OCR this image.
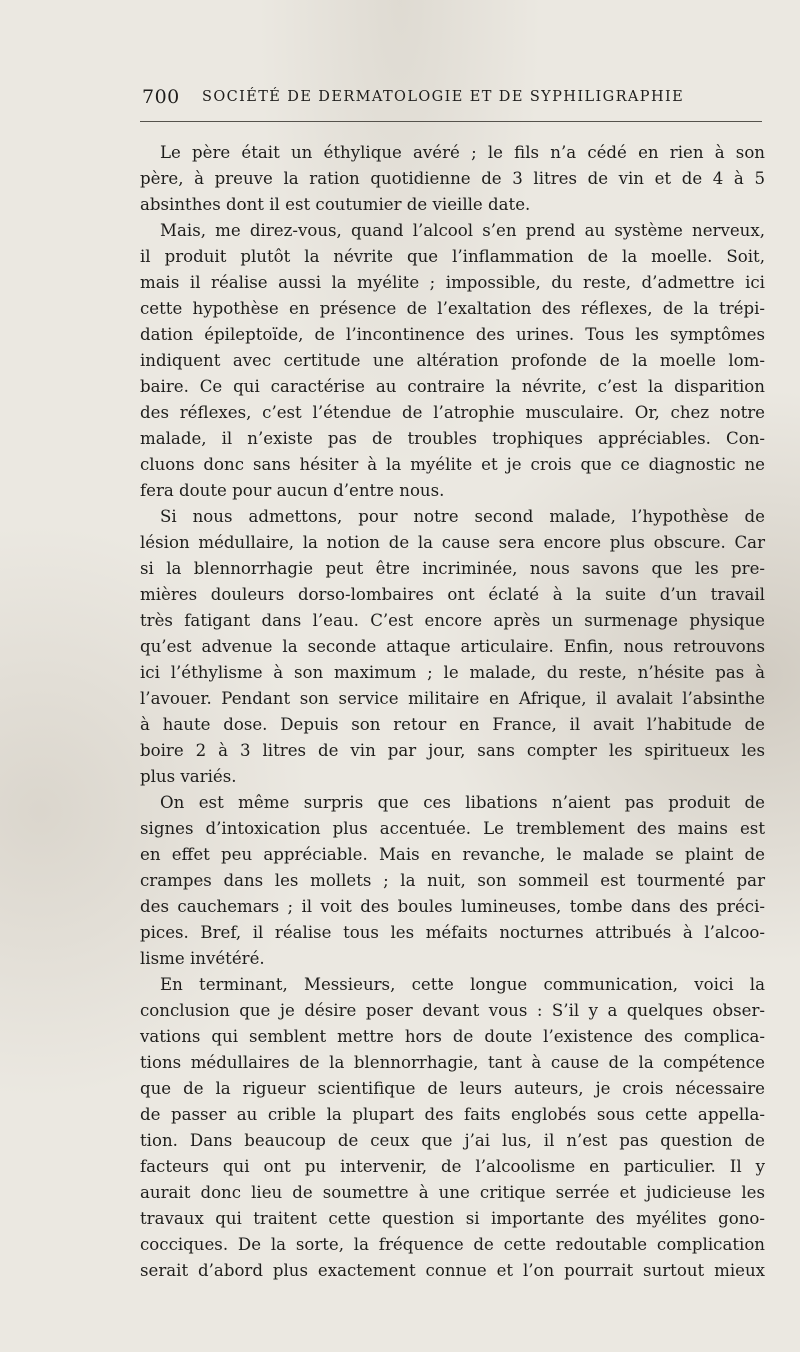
700 SOCIÉTÉ DE DERMATOLOGIE ET DE SYPHILIGRAPHIE
Le père était un éthylique avéré ; le fils n’a cédé en rien à son
père, à preuve la ration quotidienne de 3 litres de vin et de 4 à 5
absinthes dont il est coutumier de vieille date.
Mais, me direz-vous, quand l’alcool s’en prend au système nerveux,
il produit plutôt la névrite que l’inflammation de la moelle. Soit,
mais il réalise aussi la myélite ; impossible, du reste, d’admettre ici
cette hypothèse en présence de l’exaltation des réflexes, de la trépi-
dation épileptoïde, de l’incontinence des urines. Tous les symptômes
indiquent avec certitude une altération profonde de la moelle lom-
baire. Ce qui caractérise au contraire la névrite, c’est la disparition
des réflexes, c’est l’étendue de l’atrophie musculaire. Or, chez notre
malade, il n’existe pas de troubles trophiques appréciables. Con-
cluons donc sans hésiter à la myélite et je crois que ce diagnostic ne
fera doute pour aucun d’entre nous.
Si nous admettons, pour notre second malade, l’hypothèse de
lésion médullaire, la notion de la cause sera encore plus obscure. Car
si la blennorrhagie peut être incriminée, nous savons que les pre-
mières douleurs dorso-lombaires ont éclaté à la suite d’un travail
très fatigant dans l’eau. C’est encore après un surmenage physique
qu’est advenue la seconde attaque articulaire. Enfin, nous retrouvons
ici l’éthylisme à son maximum ; le malade, du reste, n’hésite pas à
l’avouer. Pendant son service militaire en Afrique, il avalait l’absinthe
à haute dose. Depuis son retour en France, il avait l’habitude de
boire 2 à 3 litres de vin par jour, sans compter les spiritueux les
plus variés.
On est même surpris que ces libations n’aient pas produit de
signes d’intoxication plus accentuée. Le tremblement des mains est
en effet peu appréciable. Mais en revanche, le malade se plaint de
crampes dans les mollets ; la nuit, son sommeil est tourmenté par
des cauchemars ; il voit des boules lumineuses, tombe dans des préci-
pices. Bref, il réalise tous les méfaits nocturnes attribués à l’alcoo-
lisme invétéré.
En terminant, Messieurs, cette longue communication, voici la
conclusion que je désire poser devant vous : S’il y a quelques obser-
vations qui semblent mettre hors de doute l’existence des complica-
tions médullaires de la blennorrhagie, tant à cause de la compétence
que de la rigueur scientifique de leurs auteurs, je crois nécessaire
de passer au crible la plupart des faits englobés sous cette appella-
tion. Dans beaucoup de ceux que j’ai lus, il n’est pas question de
facteurs qui ont pu intervenir, de l’alcoolisme en particulier. Il y
aurait donc lieu de soumettre à une critique serrée et judicieuse les
travaux qui traitent cette question si importante des myélites gono-
cocciques. De la sorte, la fréquence de cette redoutable complication
serait d’abord plus exactement connue et l’on pourrait surtout mieux
